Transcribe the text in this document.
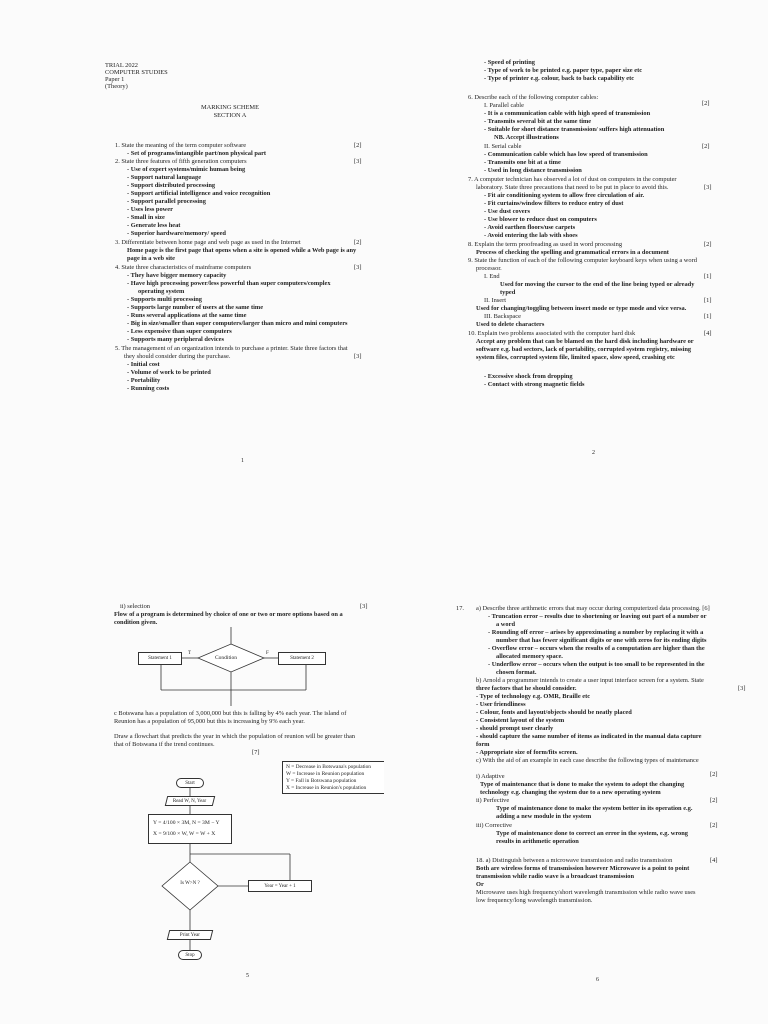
TRIAL 2022
COMPUTER STUDIES
Paper 1
(Theory)
MARKING SCHEME
SECTION A
1. State the meaning of the term computer software	[2]
- Set of programs/intangible part/non physical part
2. State three features of fifth generation computers	[3]
- Use of expert systems/mimic human being
- Support natural language
- Support distributed processing
- Support artificial intelligence and voice recognition
- Support parallel processing
- Uses less power
- Small in size
- Generate less heat
- Superior hardware/memory/ speed
3. Differentiate between home page and web page as used in the Internet	[2]
Home page is the first page that opens when a site is opened while a Web page is any
page in a web site
4. State three characteristics of mainframe computers	[3]
- They have bigger memory capacity
- Have high processing power/less powerful than super computers/complex
operating system
- Supports multi processing
- Supports large number of users at the same time
- Runs several applications at the same time
- Big in size/smaller than super computers/larger than micro and mini computers
- Less expensive than super computers
- Supports many peripheral devices
5. The management of an organization intends to purchase a printer. State three factors that
they should consider during the purchase.	[3]
- Initial cost
- Volume of work to be printed
- Portability
- Running costs
1
- Speed of printing
- Type of work to be printed e.g. paper type, paper size etc
- Type of printer e.g. colour, back to back capability etc
6. Describe each of the following computer cables:
I. Parallel cable	[2]
- It is a communication cable with high speed of transmission
- Transmits several bit at the same time
- Suitable for short distance transmission/ suffers high attenuation
NB. Accept illustrations
II. Serial cable	[2]
- Communication cable which has low speed of transmission
- Transmits one bit at a time
- Used in long distance transmission
7. A computer technician has observed a lot of dust on computers in the computer
laboratory. State three precautions that need to be put in place to avoid this.	[3]
- Fit air conditioning system to allow free circulation of air.
- Fit curtains/window filters to reduce entry of dust
- Use dust covers
- Use blower to reduce dust on computers
- Avoid earthen floors/use carpets
- Avoid entering the lab with shoes
8. Explain the term proofreading as used in word processing	[2]
Process of checking the spelling and grammatical errors in a document
9. State the function of each of the following computer keyboard keys when using a word
processor.
I. End	[1]
Used for moving the cursor to the end of the line being typed or already
typed
II. Insert	[1]
Used for changing/toggling between insert mode or type mode and vice versa.
III. Backspace	[1]
Used to delete characters
10. Explain two problems associated with the computer hard disk	[4]
Accept any problem that can be blamed on the hard disk including hardware or
software e.g. bad sectors, lack of portability, corrupted system registry, missing
system files, corrupted system file, limited space, slow speed, crashing etc
- Excessive shock from dropping
- Contact with strong magnetic fields
2
ii) selection	[3]
Flow of a program is determined by choice of one or two or more options based on a
condition given.
Statement 1	Condition
T	F
Statement 2
c Botswana has a population of 3,000,000 but this is falling by 4% each year. The island of
Reunion has a population of 95,000 but this is increasing by 9% each year.
Draw a flowchart that predicts the year in which the population of reunion will be greater than
that of Botswana if the trend continues.
[7]
N = Decrease in Botswana's population
W = Increase in Reunion population
Y = Fall in Botswana population
X = Increase in Reunion's population
Start
Read W, N, Year
Y = 4/100 × 3M, N = 3M − Y
X = 9/100 × W, W = W + X
Is W>N ?	Year = Year + 1
Print Year
Stop
5
17. a) Describe three arithmetic errors that may occur during computerized data processing. [6]
- Truncation error – results due to shortening or leaving out part of a number or
a word
- Rounding off error – arises by approximating a number by replacing it with a
number that has fewer significant digits or one with zeros for its ending digits
- Overflow error – occurs when the results of a computation are higher than the
allocated memory space.
- Underflow error – occurs when the output is too small to be represented in the
chosen format.
b) Arnold a programmer intends to create a user input interface screen for a system. State
three factors that he should consider.	[3]
- Type of technology e.g. OMR, Braille etc
- User friendliness
- Colour, fonts and layout/objects should be neatly placed
- Consistent layout of the system
- should prompt user clearly
- should capture the same number of items as indicated in the manual data capture
form
- Appropriate size of form/fits screen.
c) With the aid of an example in each case describe the following types of maintenance
i) Adaptive	[2]
Type of maintenance that is done to make the system to adopt the changing
technology e.g. changing the system due to a new operating system
ii) Perfective	[2]
Type of maintenance done to make the system better in its operation e.g.
adding a new module in the system
iii) Corrective	[2]
Type of maintenance done to correct an error in the system, e.g. wrong
results in arithmetic operation
18. a) Distinguish between a microwave transmission and radio transmission	[4]
Both are wireless forms of transmission however Microwave is a point to point
transmission while radio wave is a broadcast transmission
Or
Microwave uses high frequency/short wavelength transmission while radio wave uses
low frequency/long wavelength transmission.
6
